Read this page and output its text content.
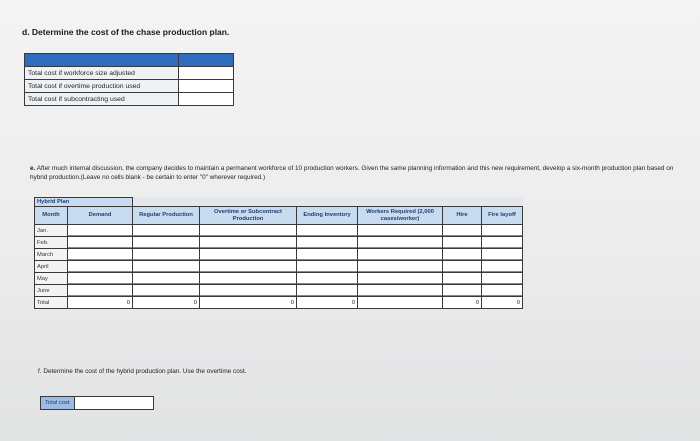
d. Determine the cost of the chase production plan.

Total cost if workforce size adjusted	
Total cost if overtime production used	
Total cost if subcontracting used	
e. After much internal discussion, the company decides to maintain a permanent workforce of 10 production workers. Given the same planning information and this new requirement, develop a six-month production plan based on hybrid production.(Leave no cells blank - be certain to enter "0" wherever required.)
Hybrid Plan							
Month	Demand	Regular Production	Overtime or Subcontract Production	Ending Inventory	Workers Required (2,000 cases/worker)	Hire	Fire layoff
Jan.							
Feb.							
March							
April							
May							
June							
Total	0	0	0	0		0	0
f. Determine the cost of the hybrid production plan. Use the overtime cost.
Total cost
